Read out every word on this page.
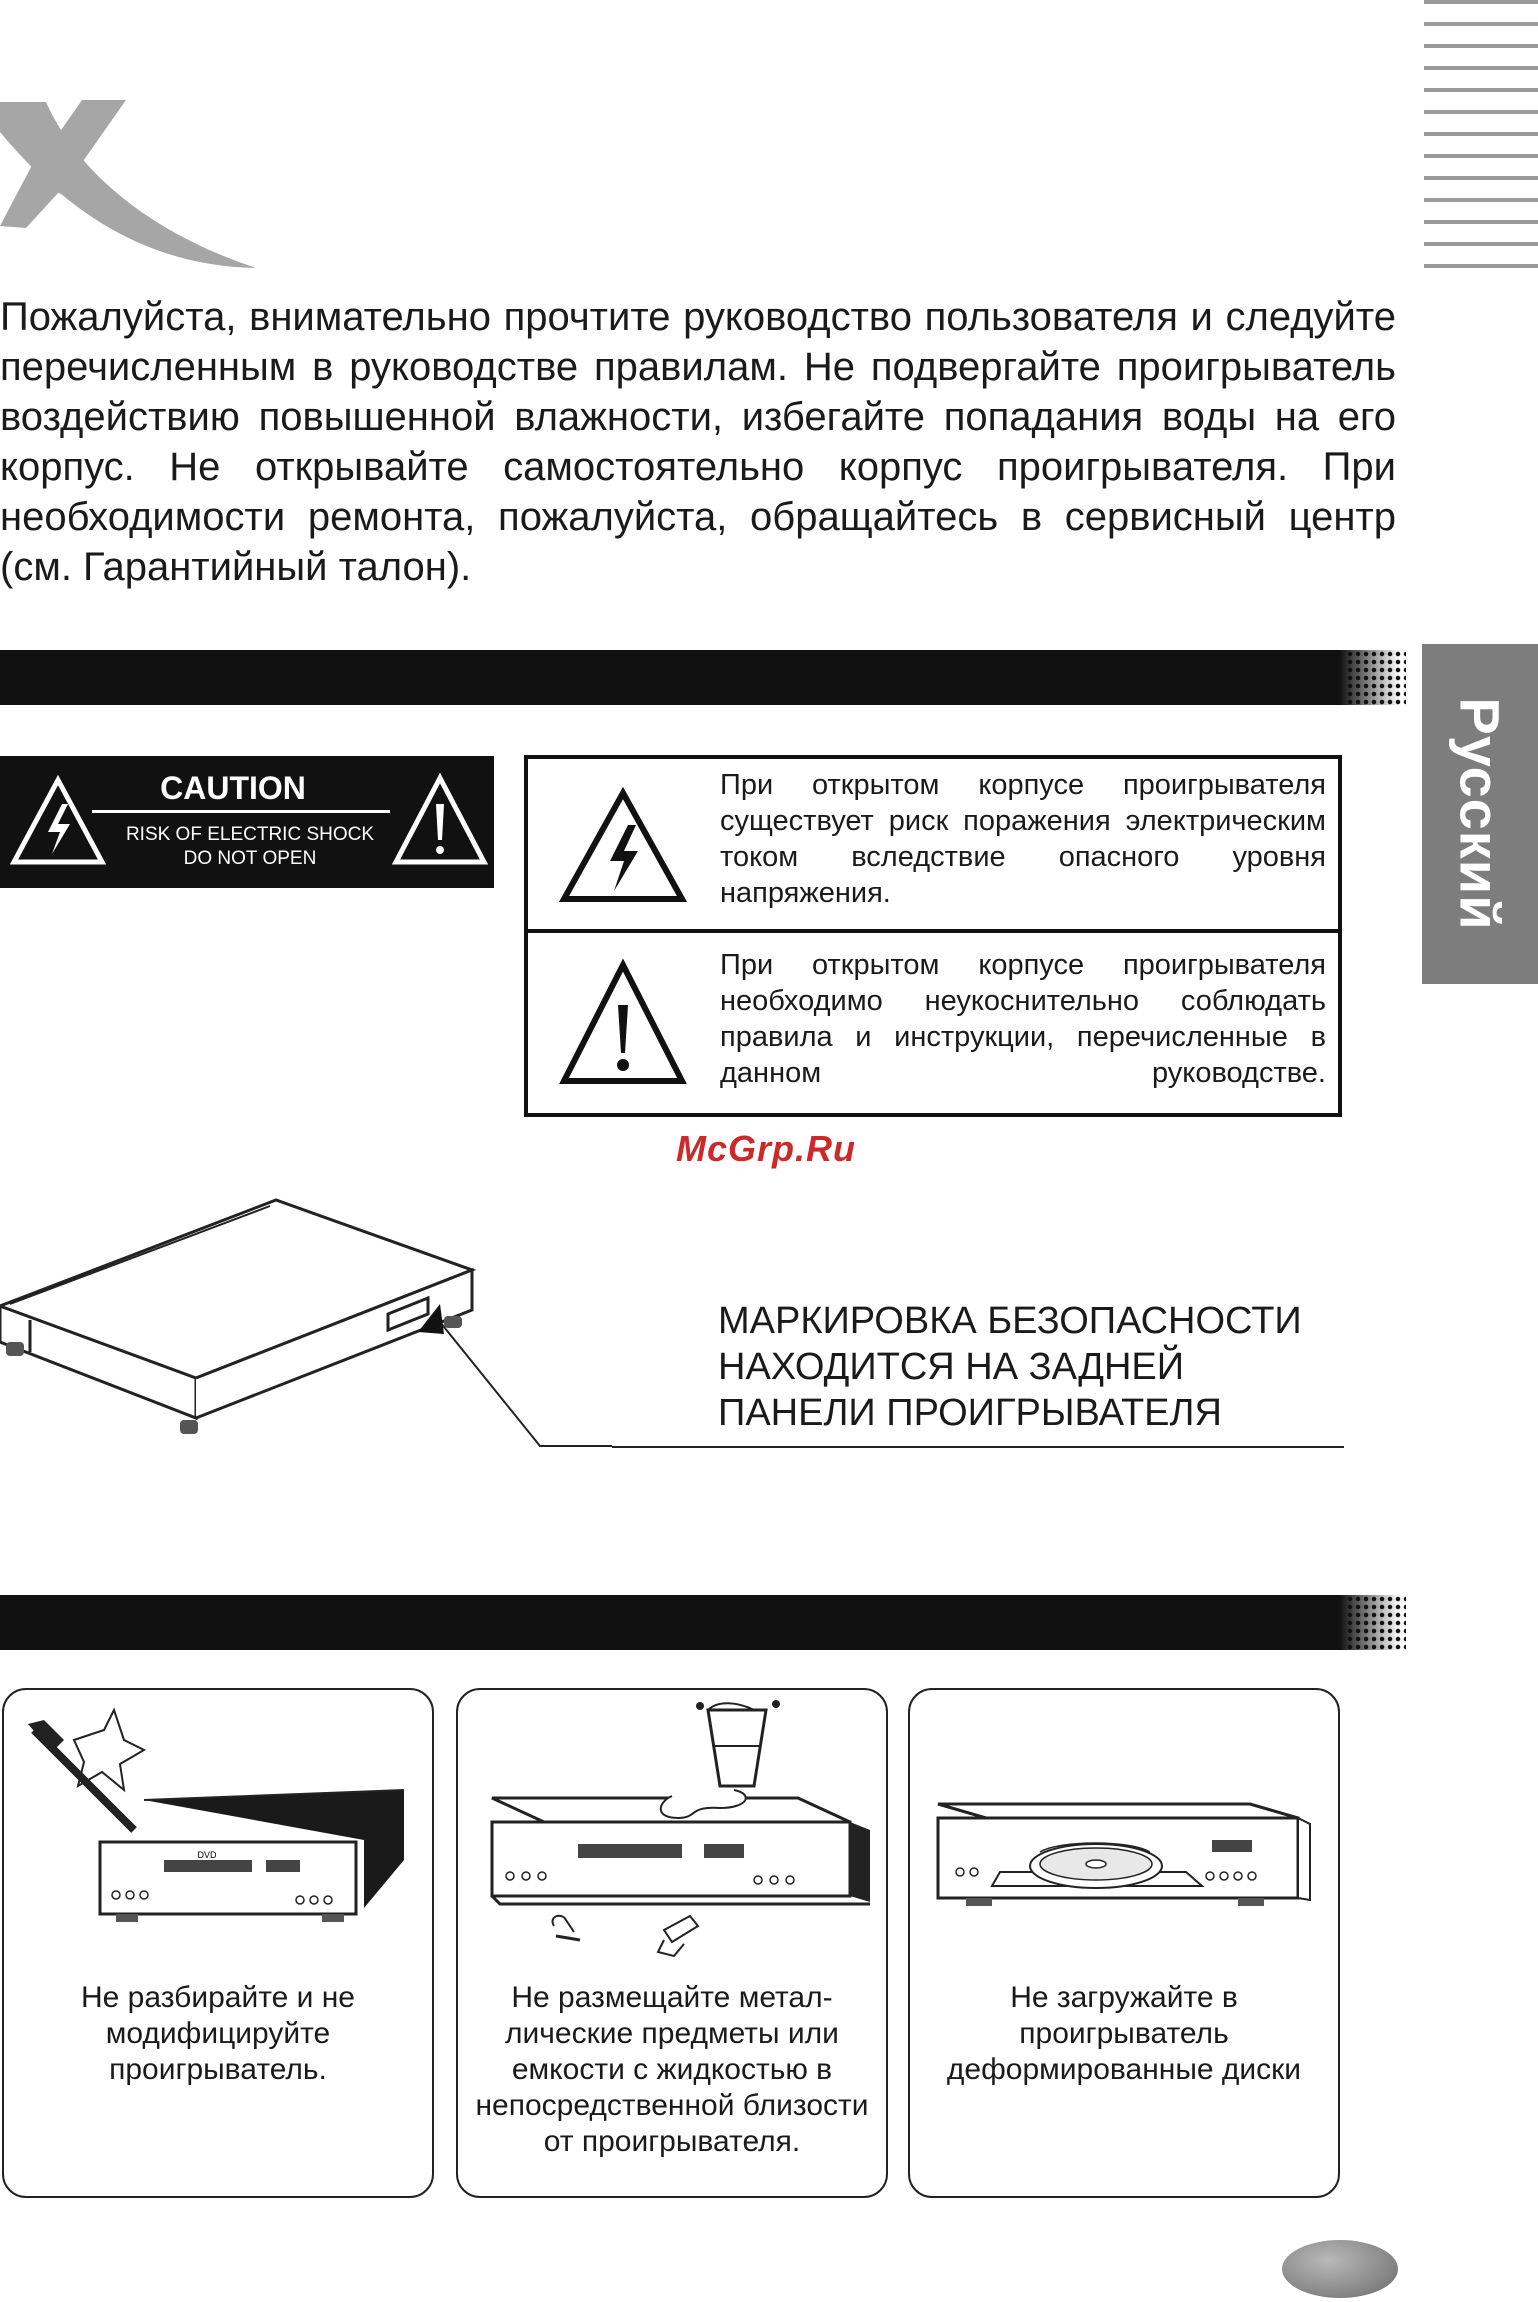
Русский

Пожалуйста, внимательно прочтите руководство пользователя и следуйте перечисленным в руководстве правилам. Не подвергайте проигрыватель воздействию повышенной влажности, избегайте попадания воды на его корпус. Не открывайте самостоятельно корпус проигрывателя. При необходимости ремонта, пожалуйста, обращайтесь в сервисный центр (см. Гарантийный талон).

CAUTION
RISK OF ELECTRIC SHOCK
DO NOT OPEN
При открытом корпусе проигрывателя существует риск поражения электрическим током вследствие опасного уровня напряжения.
При открытом корпусе проигрывателя необходимо неукоснительно соблюдать правила и инструкции, перечисленные в данном руководстве.
McGrp.Ru
МАРКИРОВКА БЕЗОПАСНОСТИ
НАХОДИТСЯ НА ЗАДНЕЙ
ПАНЕЛИ ПРОИГРЫВАТЕЛЯ
DVD
Не разбирайте и не модифицируйте проигрыватель.
Не размещайте метал-лические предметы или емкости с жидкостью в непосредственной близости от проигрывателя.
Не загружайте в проигрыватель деформированные диски
